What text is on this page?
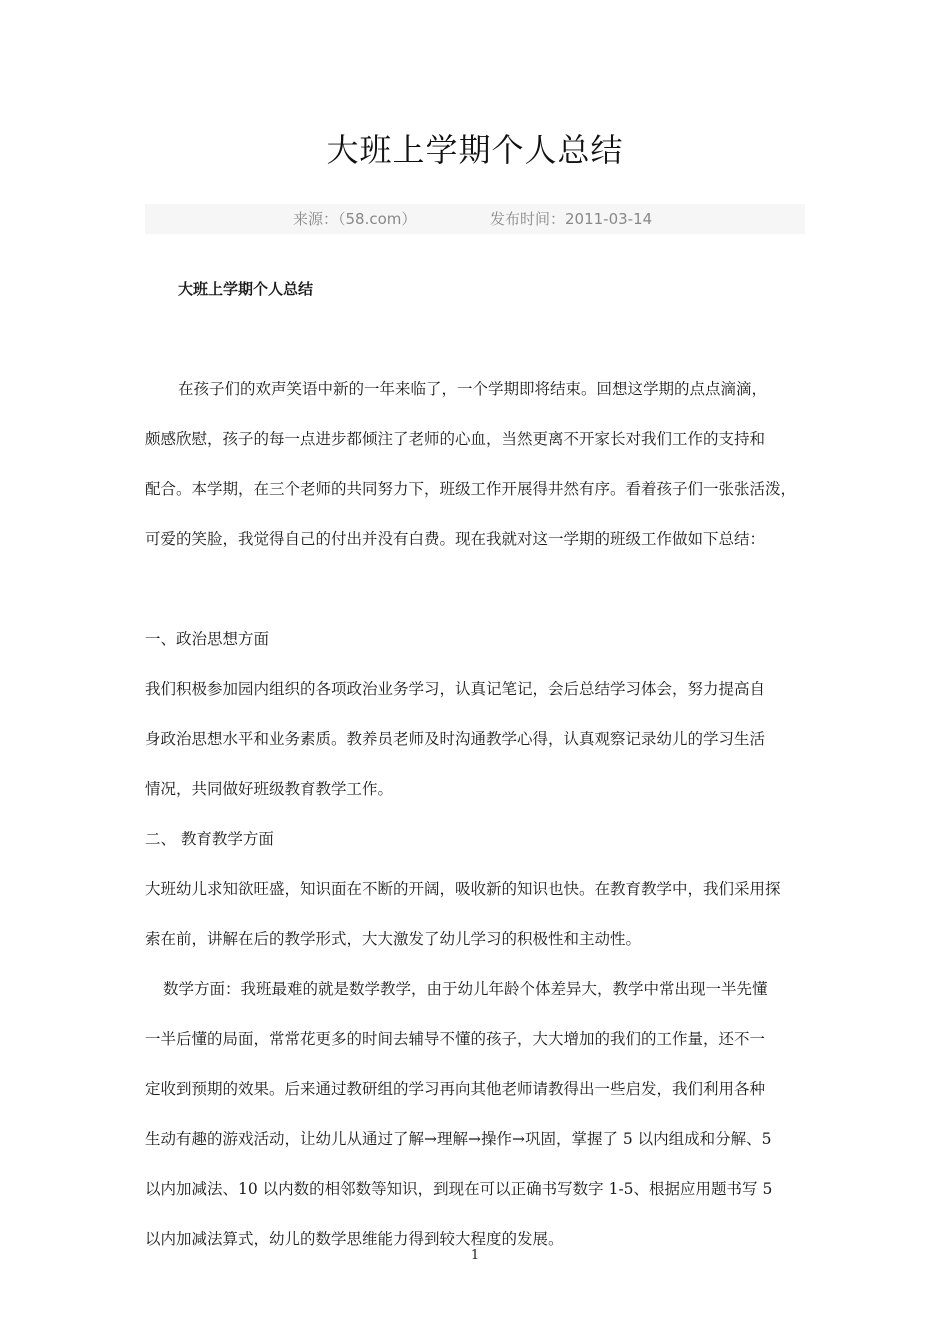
大班上学期个人总结
来源：（58.com）	发布时间：2011-03-14

大班上学期个人总结

在孩子们的欢声笑语中新的一年来临了，一个学期即将结束。回想这学期的点点滴滴，

颇感欣慰，孩子的每一点进步都倾注了老师的心血，当然更离不开家长对我们工作的支持和

配合。本学期，在三个老师的共同努力下，班级工作开展得井然有序。看着孩子们一张张活泼，

可爱的笑脸，我觉得自己的付出并没有白费。现在我就对这一学期的班级工作做如下总结：

一、政治思想方面

我们积极参加园内组织的各项政治业务学习，认真记笔记，会后总结学习体会，努力提高自

身政治思想水平和业务素质。教养员老师及时沟通教学心得，认真观察记录幼儿的学习生活

情况，共同做好班级教育教学工作。

二、 教育教学方面

大班幼儿求知欲旺盛，知识面在不断的开阔，吸收新的知识也快。在教育教学中，我们采用探

索在前，讲解在后的教学形式，大大激发了幼儿学习的积极性和主动性。

数学方面：我班最难的就是数学教学，由于幼儿年龄个体差异大，教学中常出现一半先懂

一半后懂的局面，常常花更多的时间去辅导不懂的孩子，大大增加的我们的工作量，还不一

定收到预期的效果。后来通过教研组的学习再向其他老师请教得出一些启发，我们利用各种

生动有趣的游戏活动，让幼儿从通过了解→理解→操作→巩固，掌握了 5 以内组成和分解、5

以内加减法、10 以内数的相邻数等知识，到现在可以正确书写数字 1-5、根据应用题书写 5

以内加减法算式，幼儿的数学思维能力得到较大程度的发展。

1
